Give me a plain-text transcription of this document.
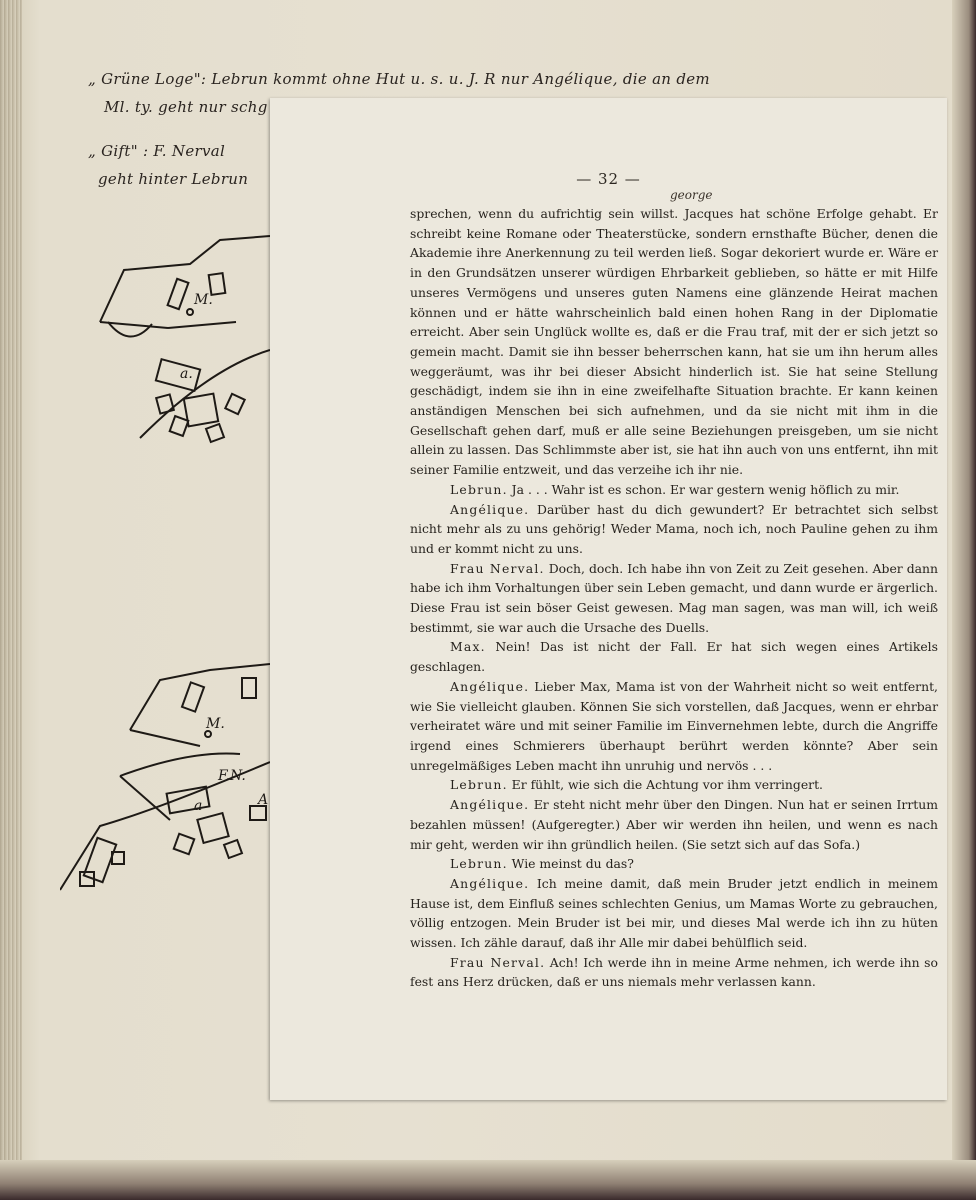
„ Grüne Loge": Lebrun kommt ohne Hut u. s. u. J. R nur Angélique, die an dem
Ml. ty. geht nur schg
„ Gift" : F. Nerval
geht hinter Lebrun
a.
M.
M.
F.N.
a	A
— 32 —
george

sprechen, wenn du aufrichtig sein willst. Jacques hat schöne Erfolge gehabt. Er schreibt keine Romane oder Theaterstücke, sondern ernsthafte Bücher, denen die Akademie ihre Anerkennung zu teil werden ließ. Sogar dekoriert wurde er. Wäre er in den Grundsätzen unserer würdigen Ehrbarkeit geblieben, so hätte er mit Hilfe unseres Vermögens und unseres guten Namens eine glänzende Heirat machen können und er hätte wahrscheinlich bald einen hohen Rang in der Diplomatie erreicht. Aber sein Unglück wollte es, daß er die Frau traf, mit der er sich jetzt so gemein macht. Damit sie ihn besser beherrschen kann, hat sie um ihn herum alles weggeräumt, was ihr bei dieser Absicht hinderlich ist. Sie hat seine Stellung geschädigt, indem sie ihn in eine zweifelhafte Situation brachte. Er kann keinen anständigen Menschen bei sich aufnehmen, und da sie nicht mit ihm in die Gesellschaft gehen darf, muß er alle seine Beziehungen preisgeben, um sie nicht allein zu lassen. Das Schlimmste aber ist, sie hat ihn auch von uns entfernt, ihn mit seiner Familie entzweit, und das verzeihe ich ihr nie.

Lebrun. Ja . . . Wahr ist es schon. Er war gestern wenig höflich zu mir.

Angélique. Darüber hast du dich gewundert? Er betrachtet sich selbst nicht mehr als zu uns gehörig! Weder Mama, noch ich, noch Pauline gehen zu ihm und er kommt nicht zu uns.

Frau Nerval. Doch, doch. Ich habe ihn von Zeit zu Zeit gesehen. Aber dann habe ich ihm Vorhaltungen über sein Leben gemacht, und dann wurde er ärgerlich. Diese Frau ist sein böser Geist gewesen. Mag man sagen, was man will, ich weiß bestimmt, sie war auch die Ursache des Duells.

Max. Nein! Das ist nicht der Fall. Er hat sich wegen eines Artikels geschlagen.

Angélique. Lieber Max, Mama ist von der Wahrheit nicht so weit entfernt, wie Sie vielleicht glauben. Können Sie sich vorstellen, daß Jacques, wenn er ehrbar verheiratet wäre und mit seiner Familie im Einvernehmen lebte, durch die Angriffe irgend eines Schmierers überhaupt berührt werden könnte? Aber sein unregelmäßiges Leben macht ihn unruhig und nervös . . .

Lebrun. Er fühlt, wie sich die Achtung vor ihm verringert.

Angélique. Er steht nicht mehr über den Dingen. Nun hat er seinen Irrtum bezahlen müssen! (Aufgeregter.) Aber wir werden ihn heilen, und wenn es nach mir geht, werden wir ihn gründlich heilen. (Sie setzt sich auf das Sofa.)

Lebrun. Wie meinst du das?

Angélique. Ich meine damit, daß mein Bruder jetzt endlich in meinem Hause ist, dem Einfluß seines schlechten Genius, um Mamas Worte zu gebrauchen, völlig entzogen. Mein Bruder ist bei mir, und dieses Mal werde ich ihn zu hüten wissen. Ich zähle darauf, daß ihr Alle mir dabei behülflich seid.

Frau Nerval. Ach! Ich werde ihn in meine Arme nehmen, ich werde ihn so fest ans Herz drücken, daß er uns niemals mehr verlassen kann.
